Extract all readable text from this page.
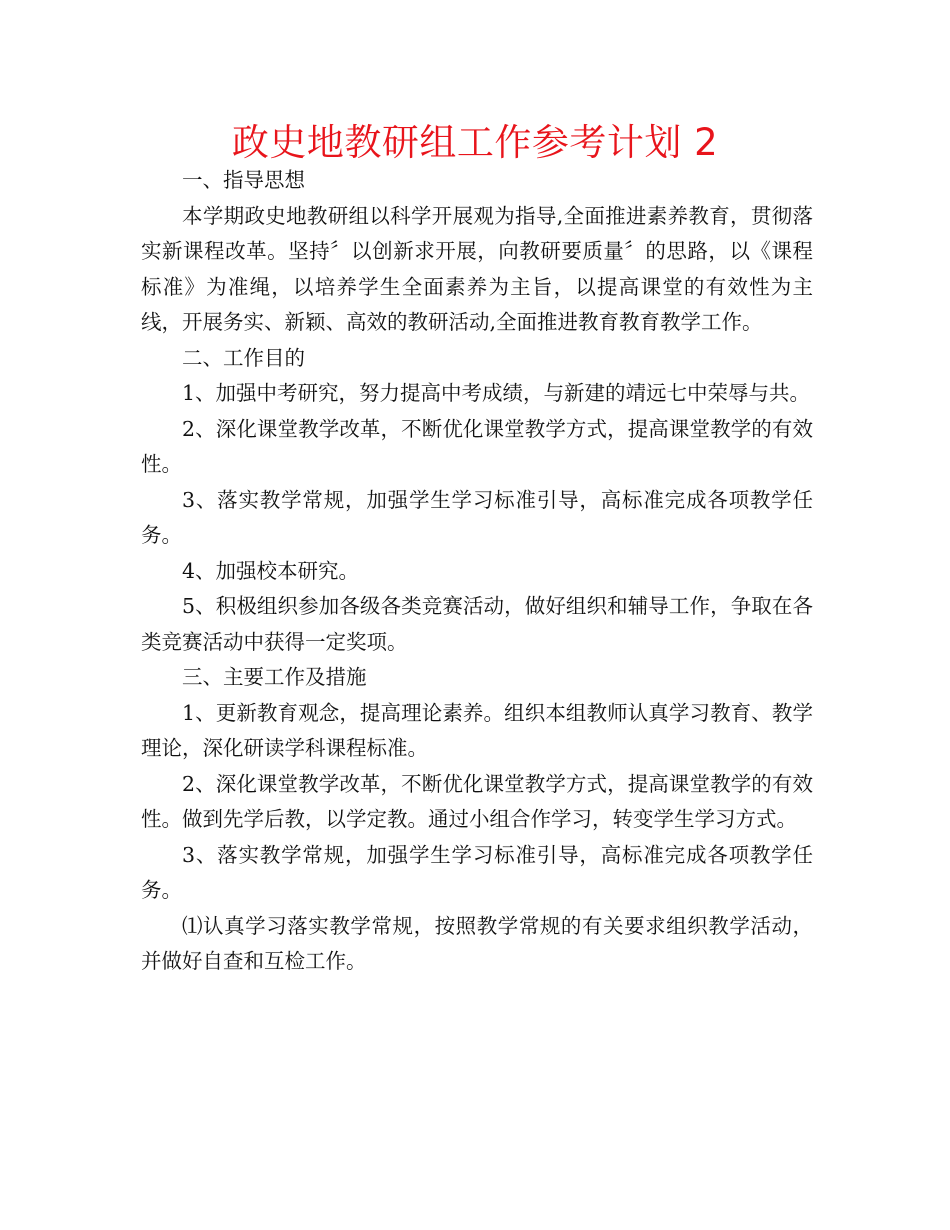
政史地教研组工作参考计划 2

一、指导思想

本学期政史地教研组以科学开展观为指导,全面推进素养教育，贯彻落实新课程改革。坚持〞以创新求开展，向教研要质量〞的思路，以《课程标准》为准绳，以培养学生全面素养为主旨，以提高课堂的有效性为主线，开展务实、新颖、高效的教研活动,全面推进教育教育教学工作。

二、工作目的

1、加强中考研究，努力提高中考成绩，与新建的靖远七中荣辱与共。

2、深化课堂教学改革，不断优化课堂教学方式，提高课堂教学的有效性。

3、落实教学常规，加强学生学习标准引导，高标准完成各项教学任务。

4、加强校本研究。

5、积极组织参加各级各类竞赛活动，做好组织和辅导工作，争取在各类竞赛活动中获得一定奖项。

三、主要工作及措施

1、更新教育观念，提高理论素养。组织本组教师认真学习教育、教学理论，深化研读学科课程标准。

2、深化课堂教学改革，不断优化课堂教学方式，提高课堂教学的有效性。做到先学后教，以学定教。通过小组合作学习，转变学生学习方式。

3、落实教学常规，加强学生学习标准引导，高标准完成各项教学任务。

⑴认真学习落实教学常规，按照教学常规的有关要求组织教学活动，并做好自查和互检工作。
